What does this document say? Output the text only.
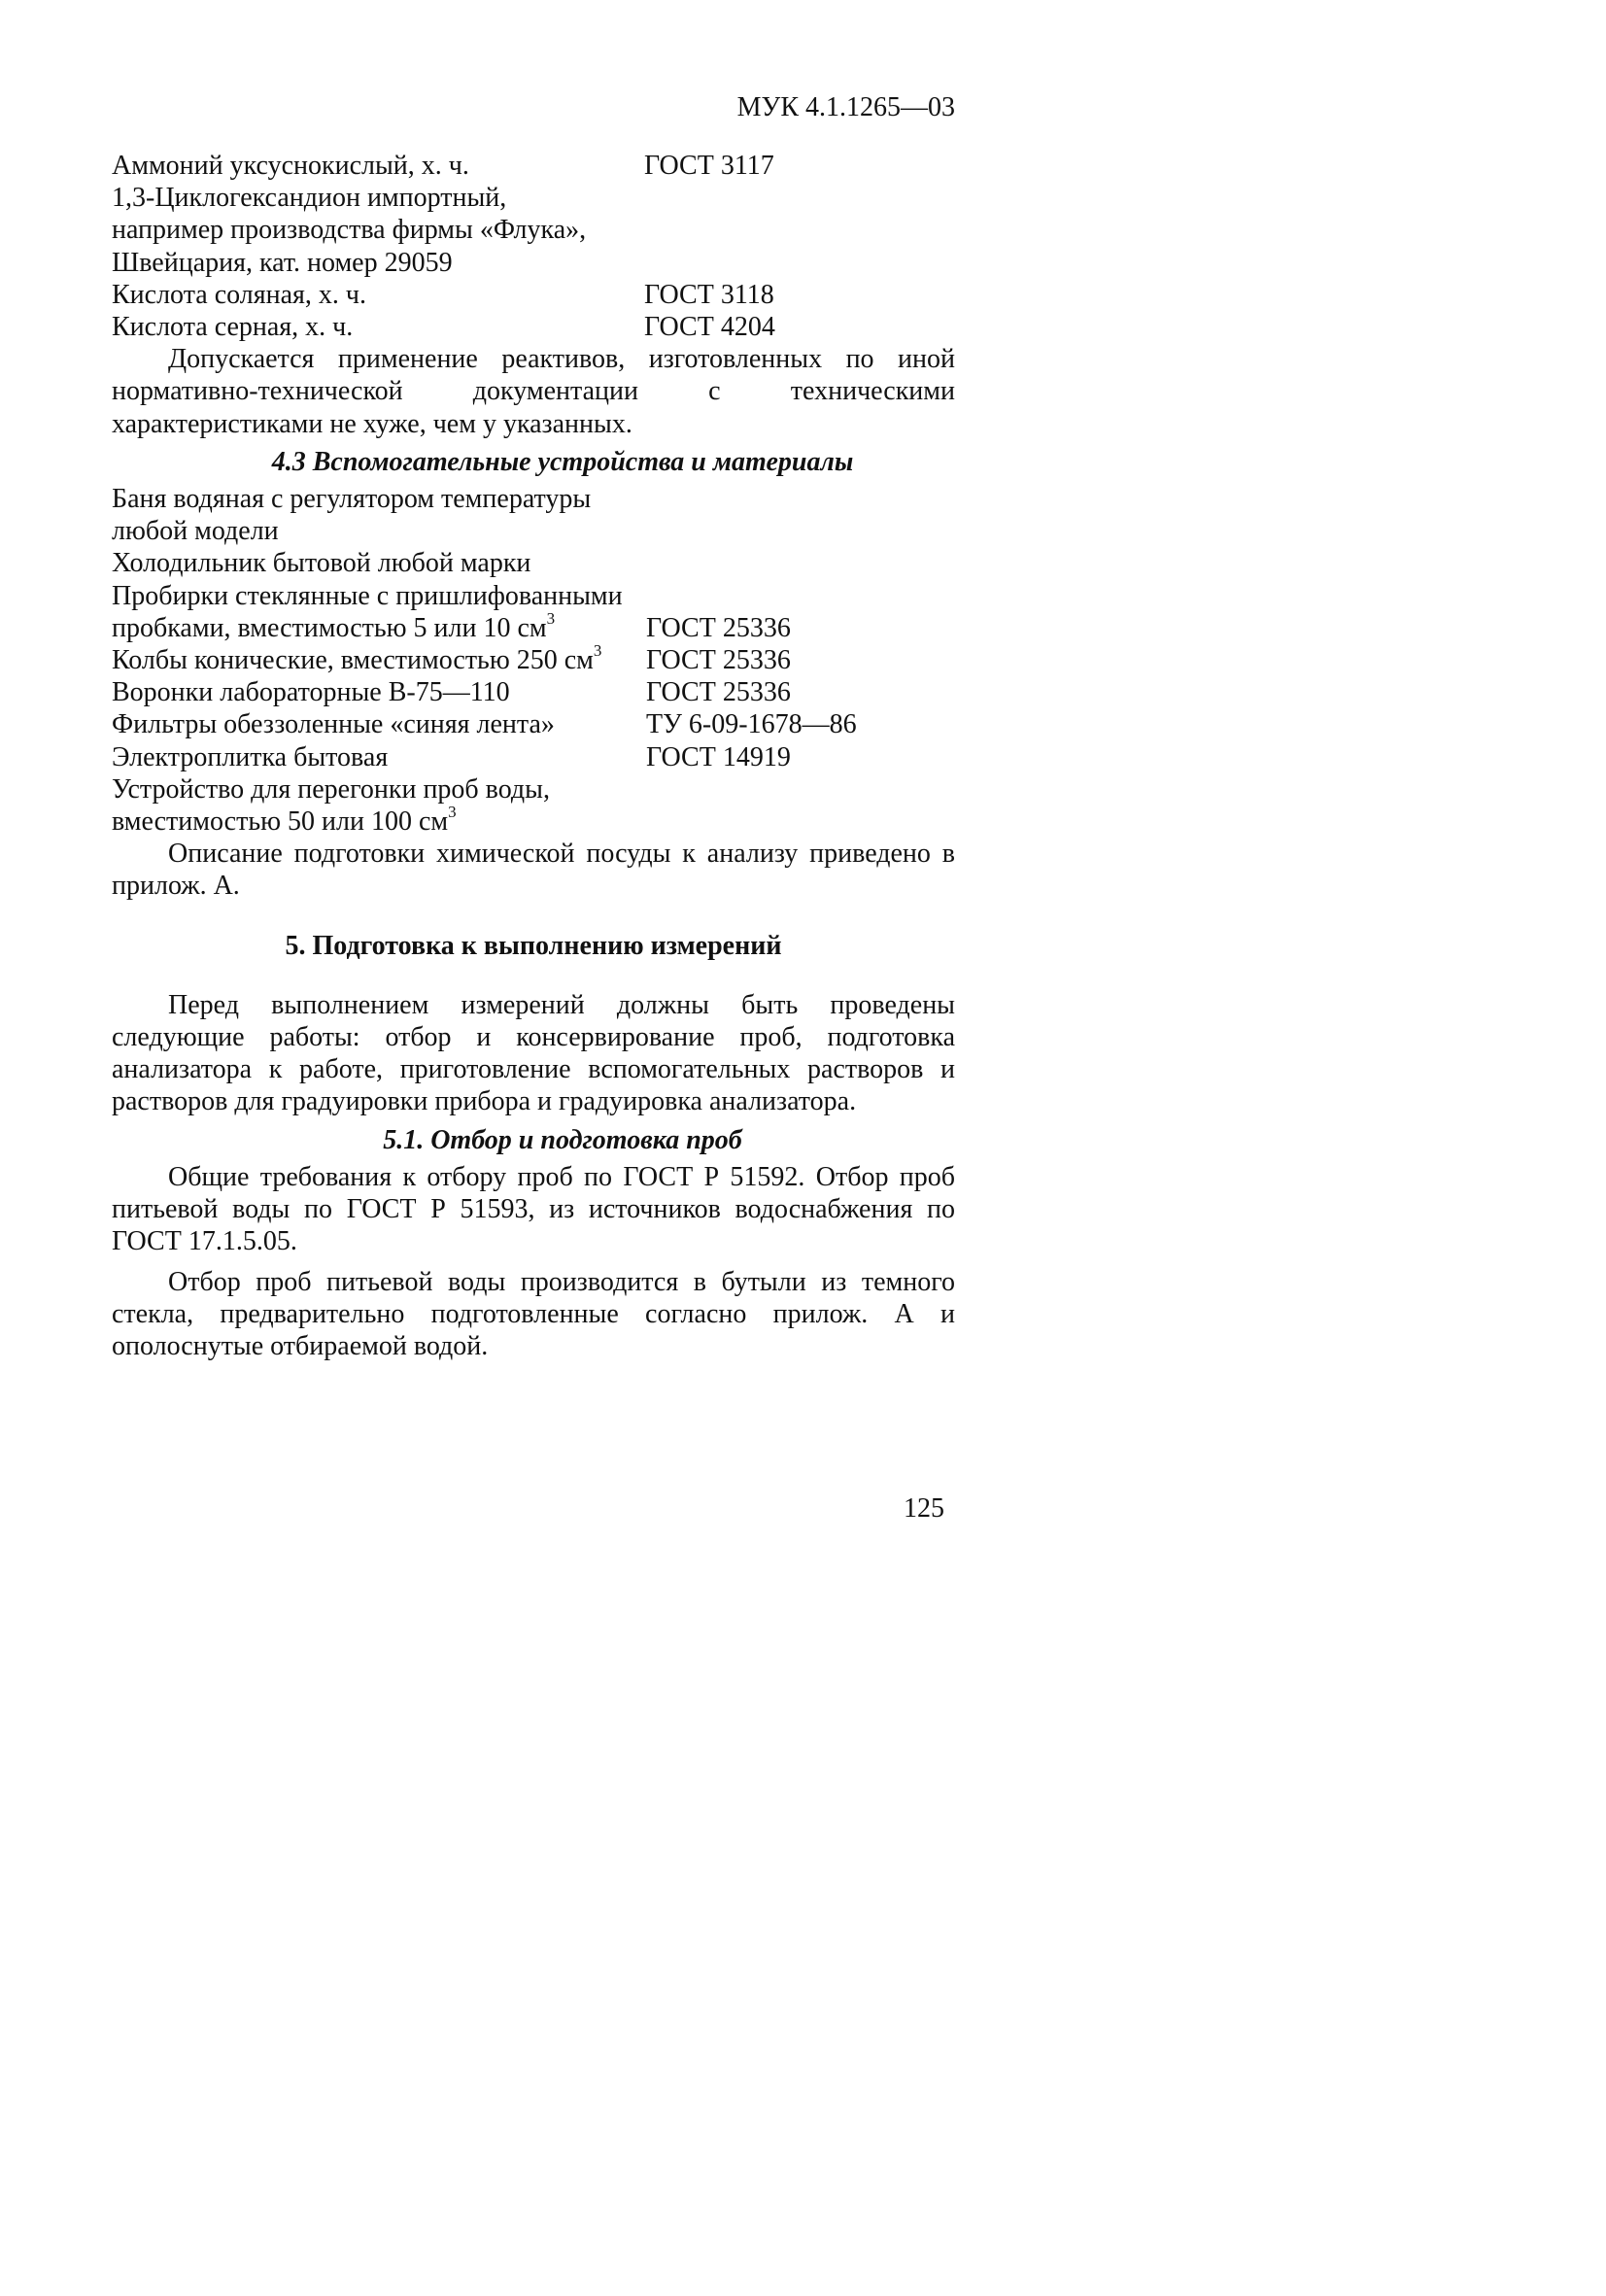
МУК 4.1.1265—03
Аммоний уксуснокислый, х. ч.	ГОСТ 3117
1,3-Циклогександион импортный,
например производства фирмы «Флука»,
Швейцария, кат. номер 29059
Кислота соляная, х. ч.	ГОСТ 3118
Кислота серная, х. ч.	ГОСТ 4204

Допускается применение реактивов, изготовленных по иной нормативно-технической документации с техническими характеристиками не хуже, чем у указанных.

4.3 Вспомогательные устройства и материалы
Баня водяная с регулятором температуры
любой модели
Холодильник бытовой любой марки
Пробирки стеклянные с пришлифованными
пробками, вместимостью 5 или 10 $см^3$	ГОСТ 25336
Колбы конические, вместимостью 250 $см^3$	ГОСТ 25336
Воронки лабораторные В-75—110	ГОСТ 25336
Фильтры обеззоленные «синяя лента»	ТУ 6-09-1678—86
Электроплитка бытовая	ГОСТ 14919
Устройство для перегонки проб воды,
вместимостью 50 или 100 $см^3$

Описание подготовки химической посуды к анализу приведено в прилож. А.

5. Подготовка к выполнению измерений

Перед выполнением измерений должны быть проведены следующие работы: отбор и консервирование проб, подготовка анализатора к работе, приготовление вспомогательных растворов и растворов для градуировки прибора и градуировка анализатора.

5.1. Отбор и подготовка проб

Общие требования к отбору проб по ГОСТ Р 51592. Отбор проб питьевой воды по ГОСТ Р 51593, из источников водоснабжения по ГОСТ 17.1.5.05.

Отбор проб питьевой воды производится в бутыли из темного стекла, предварительно подготовленные согласно прилож. А и ополоснутые отбираемой водой.

125
